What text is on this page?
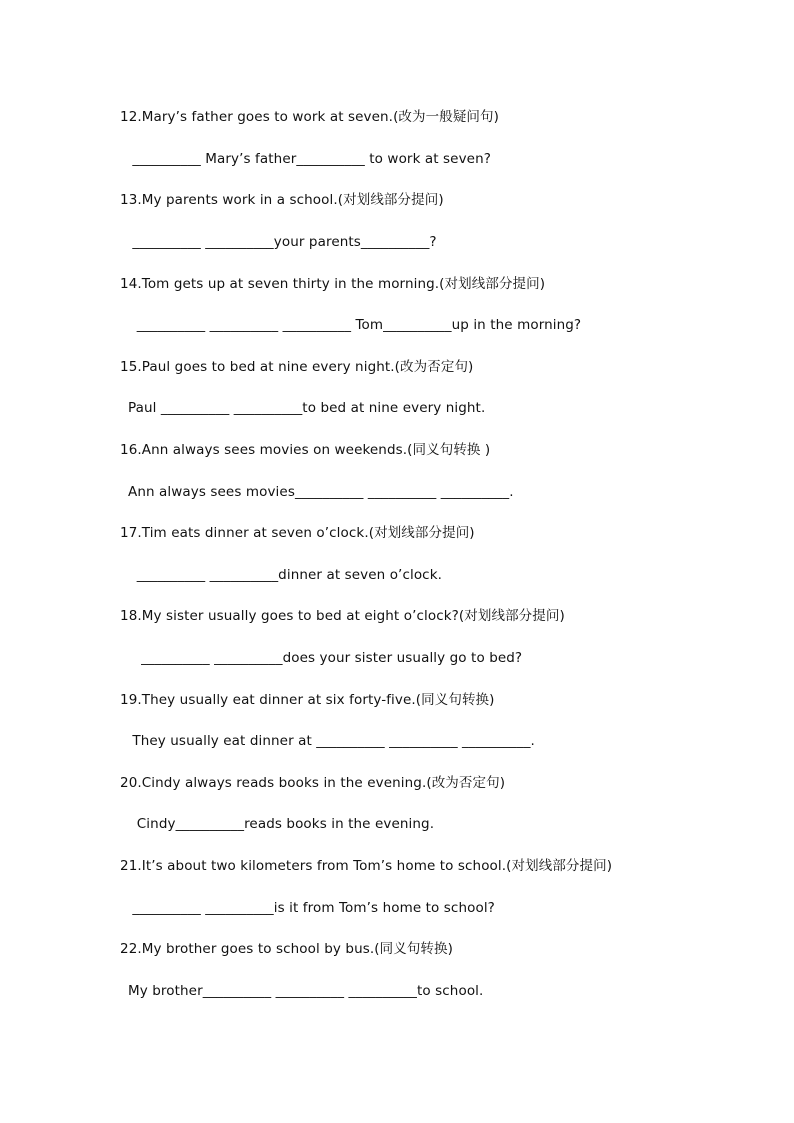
12.Mary’s father goes to work at seven.(改为一般疑问句)
__________ Mary’s father__________ to work at seven?
13.My parents work in a school.(对划线部分提问)
__________ __________your parents__________?
14.Tom gets up at seven thirty in the morning.(对划线部分提问)
__________ __________ __________ Tom__________up in the morning?
15.Paul goes to bed at nine every night.(改为否定句)
Paul __________ __________to bed at nine every night.
16.Ann always sees movies on weekends.(同义句转换 )
Ann always sees movies__________ __________ __________.
17.Tim eats dinner at seven o’clock.(对划线部分提问)
__________ __________dinner at seven o’clock.
18.My sister usually goes to bed at eight o’clock?(对划线部分提问)
__________ __________does your sister usually go to bed?
19.They usually eat dinner at six forty-five.(同义句转换)
They usually eat dinner at __________ __________ __________.
20.Cindy always reads books in the evening.(改为否定句)
Cindy__________reads books in the evening.
21.It’s about two kilometers from Tom’s home to school.(对划线部分提问)
__________ __________is it from Tom’s home to school?
22.My brother goes to school by bus.(同义句转换)
My brother__________ __________ __________to school.
